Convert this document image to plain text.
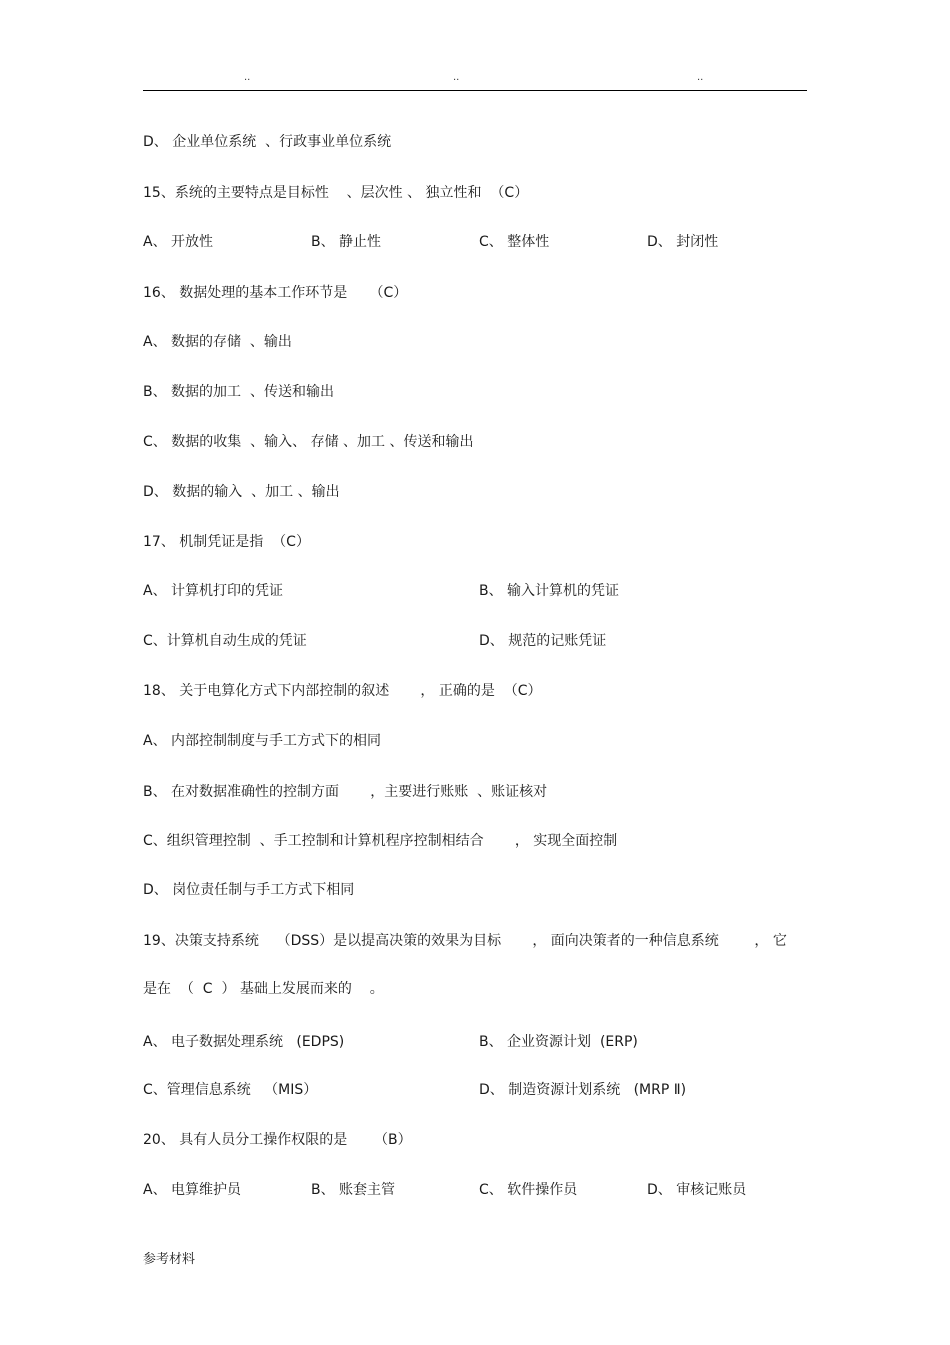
..	..	..
D、 企业单位系统  、行政事业单位系统
15、系统的主要特点是目标性    、层次性 、 独立性和  （C）
A、 开放性	B、 静止性	C、 整体性	D、 封闭性
16、 数据处理的基本工作环节是     （C）
A、 数据的存储  、输出
B、 数据的加工  、传送和输出
C、 数据的收集  、输入、 存储 、加工 、传送和输出
D、 数据的输入  、加工 、输出
17、 机制凭证是指  （C）
A、 计算机打印的凭证	B、 输入计算机的凭证
C、计算机自动生成的凭证	D、 规范的记账凭证
18、 关于电算化方式下内部控制的叙述       ， 正确的是  （C）
A、 内部控制制度与手工方式下的相同
B、 在对数据准确性的控制方面       ，主要进行账账  、账证核对
C、组织管理控制  、手工控制和计算机程序控制相结合       ， 实现全面控制
D、 岗位责任制与手工方式下相同
19、决策支持系统    （DSS）是以提高决策的效果为目标       ， 面向决策者的一种信息系统        ， 它
是在  （  C  ） 基础上发展而来的    。
A、 电子数据处理系统   (EDPS)	B、 企业资源计划  (ERP)
C、管理信息系统   （MIS）	D、 制造资源计划系统   (MRP Ⅱ)
20、 具有人员分工操作权限的是      （B）
A、 电算维护员	B、 账套主管	C、 软件操作员	D、 审核记账员
参考材料
